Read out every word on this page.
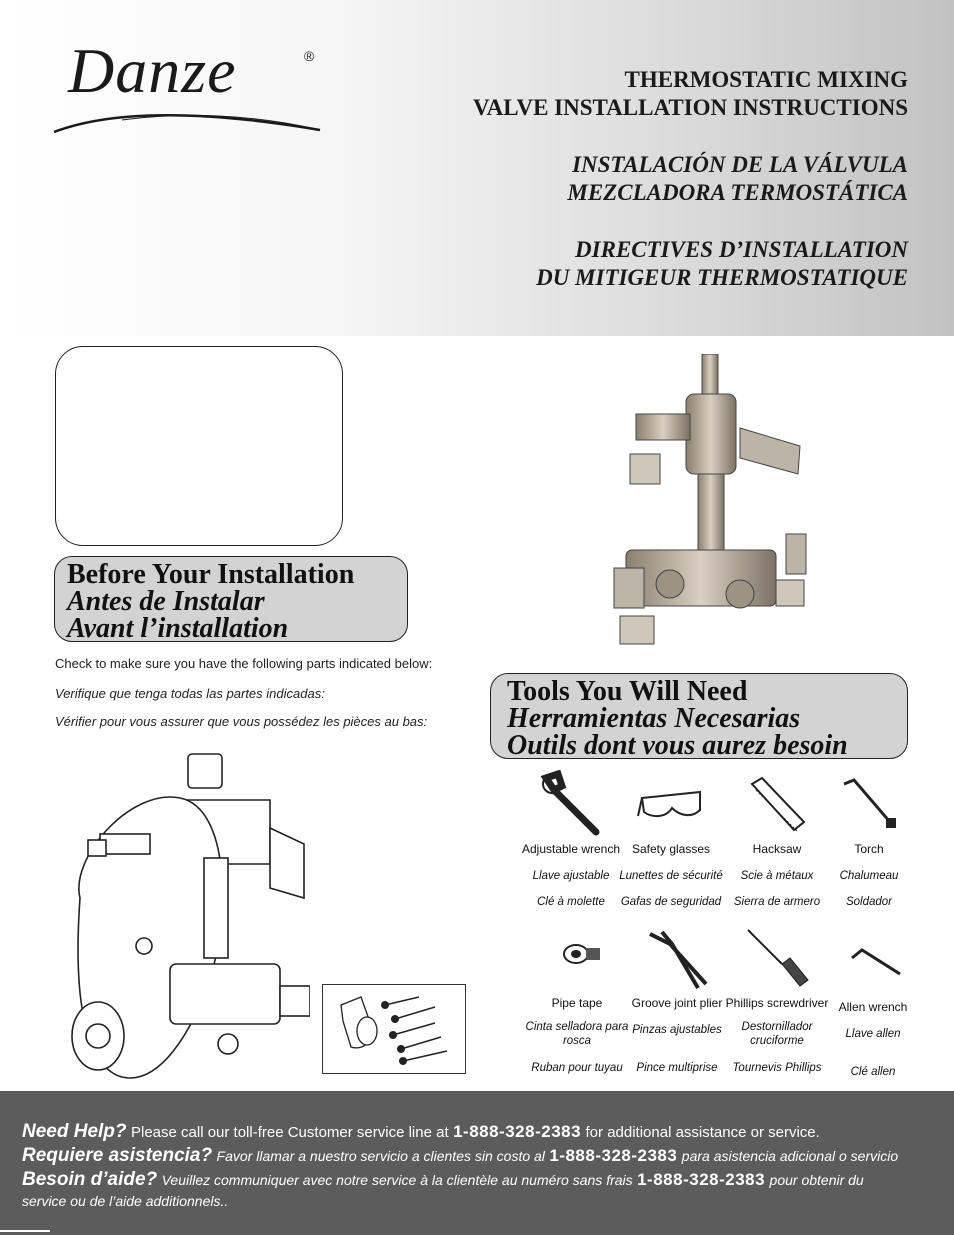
Danze	®
THERMOSTATIC MIXING
VALVE INSTALLATION INSTRUCTIONS
INSTALACIÓN DE LA VÁLVULA
MEZCLADORA TERMOSTÁTICA
DIRECTIVES D’INSTALLATION
DU MITIGEUR THERMOSTATIQUE
Before Your Installation
Antes de Instalar
Avant l’installation
Check to make sure you have the following parts indicated below:
Verifique que tenga todas las partes indicadas:
Vérifier pour vous assurer que vous possédez les pièces au bas:
Tools You Will Need
Herramientas Necesarias
Outils dont vous aurez besoin
Adjustable wrench
Llave ajustable
Clé à molette
Safety glasses
Lunettes de sécurité
Gafas de seguridad
Hacksaw
Scie à métaux
Sierra de armero
Torch
Chalumeau
Soldador
Pipe tape
Cinta selladora para rosca
Ruban pour tuyau
Groove joint plier
Pinzas ajustables
Pince multiprise
Phillips screwdriver
Destornillador cruciforme
Tournevis Phillips
Allen wrench
Llave allen
Clé allen
Need Help? Please call our toll-free Customer service line at 1-888-328-2383 for additional assistance or service.
Requiere asistencia? Favor llamar a nuestro servicio a clientes sin costo al 1-888-328-2383 para asistencia adicional o servicio
Besoin d’aide? Veuillez communiquer avec notre service à la clientèle au numéro sans frais 1-888-328-2383 pour obtenir du
service ou de l’aide additionnels..
